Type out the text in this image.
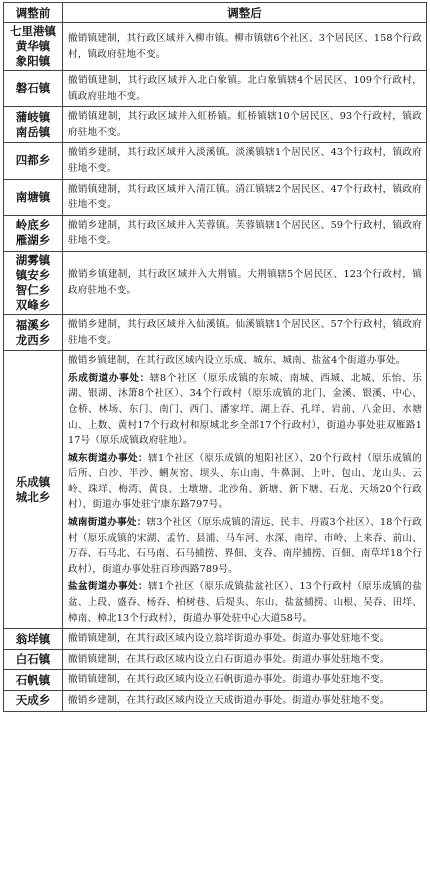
调整前	调整后

七里港镇
黄华镇
象阳镇	撤销镇建制，其行政区域并入柳市镇。柳市镇辖6个社区、3个居民区、158个行政村，镇政府驻地不变。

磐石镇	撤销镇建制，其行政区域并入北白象镇。北白象镇辖4个居民区、109个行政村，镇政府驻地不变。

蒲岐镇
南岳镇	撤销镇建制，其行政区域并入虹桥镇。虹桥镇辖10个居民区、93个行政村，镇政府驻地不变。

四都乡	撤销乡建制，其行政区域并入淡溪镇。淡溪镇辖1个居民区、43个行政村，镇政府驻地不变。

南塘镇	撤销镇建制，其行政区域并入清江镇。清江镇辖2个居民区、47个行政村，镇政府驻地不变。

岭底乡
雁湖乡	撤销乡建制，其行政区域并入芙蓉镇。芙蓉镇辖1个居民区、59个行政村，镇政府驻地不变。

湖雾镇
镇安乡
智仁乡
双峰乡	撤销乡镇建制，其行政区域并入大荆镇。大荆镇辖5个居民区、123个行政村，镇政府驻地不变。

福溪乡
龙西乡	撤销乡建制，其行政区域并入仙溪镇。仙溪镇辖1个居民区、57个行政村，镇政府驻地不变。

乐成镇
城北乡	撤销乡镇建制，在其行政区域内设立乐成、城东、城南、盐盆4个街道办事处。
乐成街道办事处：辖8个社区（原乐成镇的东城、南城、西城、北城、乐怡、乐湖、银湖、沐箫8个社区）、34个行政村（原乐成镇的北门、金溪、银溪、中心、仓桥、林场、东门、南门、西门、潘家垟、湖上吞、孔垟、岩前、八金田、水塘山、上数、黄村17个行政村和原城北乡全部17个行政村），街道办事处驻双雁路117号（原乐成镇政府驻地）。
城东街道办事处：辖1个社区（原乐成镇的旭阳社区）、20个行政村（原乐成镇的后所、白沙、半沙、蜊灰窑、坝头、东山南、牛鼻洞、上叶、包山、龙山头、云岭、珠垟、梅湾、黄良、土墩塘、北沙角、新塘、新下塘、石龙、天场20个行政村），街道办事处驻宁康东路797号。
城南街道办事处：辖3个社区（原乐成镇的清远、民丰、丹霞3个社区）、18个行政村（原乐成镇的宋湖、孟竹、县浦、马车河、水深、南岸、市岭、上来吞、前山、万吞、石马北、石马南、石马捕捞、界佃、支吞、南岸捕捞、百佃、南草垟18个行政村），街道办事处驻百珍西路789号。
盐盆街道办事处：辖1个社区（原乐成镇盐盆社区）、13个行政村（原乐成镇的盐盆、上段、盛吞、杨吞、柏树巷、后堤头、东山、盐盆捕捞、山根、吴吞、田垟、樟南、樟北13个行政村），街道办事处驻中心大道58号。

翁垟镇	撤销镇建制，在其行政区域内设立翁垟街道办事处。街道办事处驻地不变。

白石镇	撤销镇建制，在其行政区域内设立白石街道办事处。街道办事处驻地不变。

石帆镇	撤销镇建制，在其行政区域内设立石帆街道办事处。街道办事处驻地不变。

天成乡	撤销乡建制，在其行政区域内设立天成街道办事处。街道办事处驻地不变。
